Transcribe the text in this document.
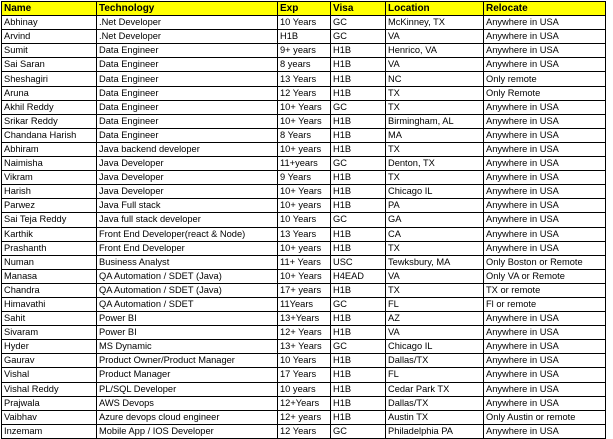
Name	Technology	Exp	Visa	Location	Relocate
Abhinay	.Net Developer	10 Years	GC	McKinney, TX	Anywhere in USA
Arvind	.Net Developer	H1B	GC	VA	Anywhere in USA
Sumit	Data Engineer	9+ years	H1B	Henrico, VA	Anywhere in USA
Sai Saran	Data Engineer	8 years	H1B	VA	Anywhere in USA
Sheshagiri	Data Engineer	13 Years	H1B	NC	Only remote
Aruna	Data Engineer	12 Years	H1B	TX	Only Remote
Akhil Reddy	Data Engineer	10+ Years	GC	TX	Anywhere in USA
Srikar Reddy	Data Engineer	10+ Years	H1B	Birmingham, AL	Anywhere in USA
Chandana Harish	Data Engineer	8 Years	H1B	MA	Anywhere in USA
Abhiram	Java backend developer	10+ years	H1B	TX	Anywhere in USA
Naimisha	Java Developer	11+years	GC	Denton, TX	Anywhere in USA
Vikram	Java Developer	9 Years	H1B	TX	Anywhere in USA
Harish	Java Developer	10+ Years	H1B	Chicago IL	Anywhere in USA
Parwez	Java Full stack	10+ years	H1B	PA	Anywhere in USA
Sai Teja Reddy	Java full stack developer	10 Years	GC	GA	Anywhere in USA
Karthik	Front End Developer(react & Node)	13 Years	H1B	CA	Anywhere in USA
Prashanth	Front End Developer	10+ years	H1B	TX	Anywhere in USA
Numan	Business Analyst	11+ Years	USC	Tewksbury, MA	Only Boston or Remote
Manasa	QA Automation / SDET (Java)	10+ Years	H4EAD	VA	Only VA or Remote
Chandra	QA Automation / SDET (Java)	17+ years	H1B	TX	TX or remote
Himavathi	QA Automation / SDET	11Years	GC	FL	Fl or remote
Sahit	Power BI	13+Years	H1B	AZ	Anywhere in USA
Sivaram	Power BI	12+ Years	H1B	VA	Anywhere in USA
Hyder	MS Dynamic	13+ Years	GC	Chicago IL	Anywhere in USA
Gaurav	Product Owner/Product Manager	10 Years	H1B	Dallas/TX	Anywhere in USA
Vishal	Product Manager	17 Years	H1B	FL	Anywhere in USA
Vishal Reddy	PL/SQL Developer	10 years	H1B	Cedar Park TX	Anywhere in USA
Prajwala	AWS Devops	12+Years	H1B	Dallas/TX	Anywhere in USA
Vaibhav	Azure devops cloud engineer	12+ years	H1B	Austin TX	Only Austin or remote
Inzemam	Mobile App / IOS Developer	12 Years	GC	Philadelphia PA	Anywhere in USA
